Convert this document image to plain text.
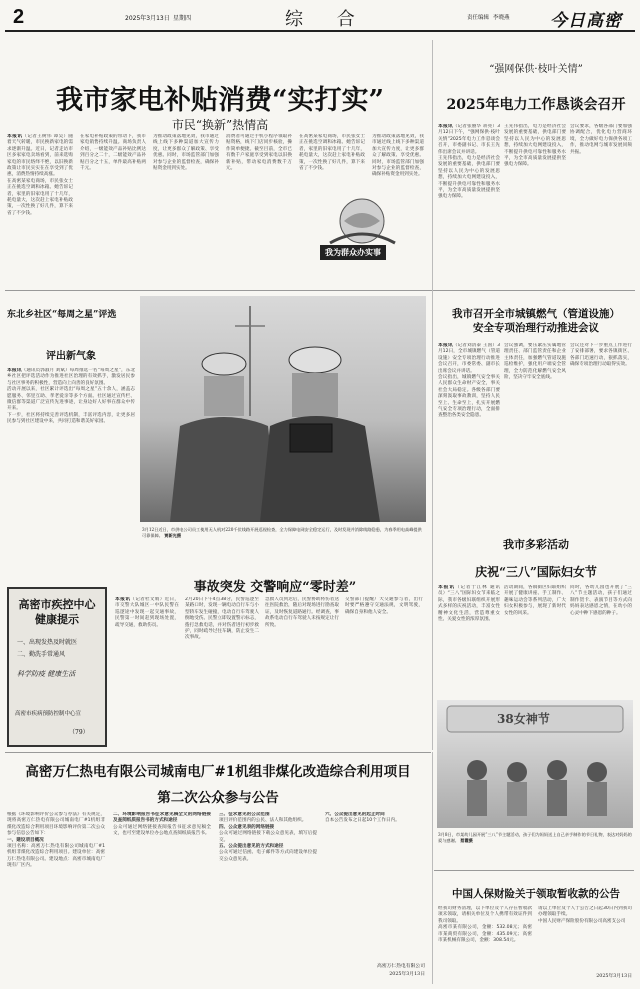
2	2025年3月13日 星期四	综 合	责任编辑 李晓燕 今日高密
我市家电补贴消费“实打实”
市民“换新”热情高
本报讯（记者王树伟 谭昊）随着天气转暖，市民换新家电的需求逐渐升温。近日，记者走访市区多家家电卖场看到，前来选购家电的市民络绎不绝，以旧换新政策让市民实实在在享受到了优惠，消费热情持续高涨。
在高密某家电商场，市民张女士正在挑选空调和冰箱。她告诉记者，家里的旧家电用了十几年，耗电量大，这次赶上家电补贴政策，一次性换了好几件，算下来省了不少钱。
在家电补贴政策的带动下，我市家电销售持续升温。商场负责人介绍，一级能效产品补贴比例达到百分之二十，二级能效产品补贴百分之十五，单件最高补贴两千元。
为推动政策落地见效，我市通过线上线下多种渠道加大宣传力度，让更多群众了解政策、享受优惠。同时，市场监管部门加强对参与企业的监督检查，确保补贴资金用到实处。
消费者可通过手机小程序领取补贴资格，线下门店同步核验，操作简单便捷。截至目前，全市已有数千户家庭享受到家电以旧换新补贴，带动家电消费数千万元。
在高密某家电商场，市民张女士正在挑选空调和冰箱。她告诉记者，家里的旧家电用了十几年，耗电量大，这次赶上家电补贴政策，一次性换了好几件，算下来省了不少钱。
为推动政策落地见效，我市通过线上线下多种渠道加大宣传力度，让更多群众了解政策、享受优惠。同时，市场监管部门加强对参与企业的监督检查，确保补贴资金用到实处。
我为群众办实事
“强网保供·枝叶关情”
2025年电力工作恳谈会召开
本报讯（记者张丽华 蒋亮）3月12日下午，“强网保供·枝叶关情”2025年电力工作恳谈会召开，市委副书记、市长王先伟出席会议并讲话。
王先伟指出，电力是经济社会发展的重要基础，供电部门要坚持以人民为中心的发展思想，持续加大电网建设投入，不断提升供电可靠性和服务水平，为全市高质量发展提供坚强电力保障。
王先伟指出，电力是经济社会发展的重要基础，供电部门要坚持以人民为中心的发展思想，持续加大电网建设投入，不断提升供电可靠性和服务水平，为全市高质量发展提供坚强电力保障。
会议要求，各级各部门要加强协调配合，优化电力营商环境，全力做好电力保供各项工作，推动电网与城市发展同频共振。
东北乡社区“每周之星”评选
评出新气象
本报讯（通讯员郭淑月 刘斌）每周推选一名“每周之星”，东北乡社区把评选活动作为推进社区治理的有效抓手，激发居民参与社区事务的积极性，营造向上向善的良好氛围。
活动开展以来，社区累计评选出“每周之星”五十余人，涵盖志愿服务、邻里互助、孝老爱亲等多个方面。社区通过宣传栏、微信群等渠道广泛宣传先进事迹，让身边好人好事在群众中传开来。
下一步，社区将持续完善评选机制，丰富评选内容，让更多居民参与到社区建设中来，共同打造和谐美好家园。
3月12日近日，市供电公司员工使用无人机对220千伏线路开展巡视检查，全力保障电网安全稳定运行，及时发现并消除线路隐患，为春季用电高峰提供可靠保障。 贾新光摄
事故突发 交警响应“零时差”
本报讯（记者杜文娟）近日，市交警大队城区一中队民警在巡逻途中发现一起交通事故，民警第一时间赶到现场处置，疏导交通，救助伤员。
2月20日下午4点38分，民警巡逻至某路口时，发现一辆电动自行车与小型轿车发生碰撞，电动自行车驾驶人倒地受伤。民警立即设置警示标志，拨打急救电话，并对伤者进行初步救护，同时疏导过往车辆，防止发生二次事故。
急救人员到达后，民警协助将伤者送往医院救治，随后对现场进行勘查取证，及时恢复道路通行。经调查，事故系电动自行车驾驶人未按规定让行所致。
交警部门提醒广大交通参与者，出行时要严格遵守交通法规，文明驾驶，确保自身和他人安全。
高密市疾控中心 健康提示
一、出现发热及时就医
二、勤洗手常通风
科学防疫 健康生活
高密市疾病预防控制中心宣
（79）
我市召开全市城镇燃气（管道设施）
安全专项治理行动推进会议
本报讯（记者刘清泰 王国）3月12日，全市城镇燃气（管道设施）安全专项治理行动推进会议召开，市委常委、副市长出席会议并讲话。
会议指出，城镇燃气安全事关人民群众生命财产安全，事关社会大局稳定。各级各部门要深刻汲取事故教训，坚持人民至上、生命至上，扎实开展燃气安全专项治理行动，全面排查整治各类安全隐患。
会议强调，要压紧压实属地管理责任、部门监管责任和企业主体责任，加强燃气管道设施巡检维护，强化用户端安全管理，全力防范化解燃气安全风险，坚决守牢安全底线。
会议还对下一步重点工作进行了安排部署，要求各镇街区、各部门迅速行动，狠抓落实，确保专项治理行动取得实效。
我市多彩活动
庆祝“三八”国际妇女节
本报讯（记者于江林 通讯员）“三八”国际妇女节来临之际，我市各级妇联组织开展形式多样的庆祝活动，丰富女性精神文化生活，营造尊重女性、关爱女性的浓厚氛围。
活动期间，各镇街区妇联组织开展了健康讲座、手工制作、趣味运动会等系列活动，广大妇女积极参与，展现了新时代女性的风采。
同时，各幼儿园也开展了“三八”节主题活动，孩子们通过制作贺卡、表演节目等方式向妈妈表达感恩之情，在幼小的心灵中种下感恩的种子。
38女神节
3月8日，市某幼儿园开展“三八”节主题活动，孩子们为妈妈送上自己亲手制作的节日礼物，表达对妈妈的爱与感谢。 蔡霞摄
高密万仁热电有限公司城南电厂#1机组非煤化改造综合利用项目
第二次公众参与公告
根据《环境影响评价公众参与办法》有关规定，现将高密万仁热电有限公司城南电厂#1机组非煤化改造综合利用项目环境影响评价第二次公众参与信息公告如下：
一、建设项目概况
项目名称：高密万仁热电有限公司城南电厂#1机组非煤化改造综合利用项目。建设单位：高密万仁热电有限公司。建设地点：高密市城南电厂现有厂区内。
二、环境影响报告书征求意见稿全文的网络链接及查阅纸质报告书的方式和途径
公众可通过网络链接查阅报告书征求意见稿全文，也可至建设单位办公地点查阅纸质报告书。
三、征求意见的公众范围
项目评价范围内的公民、法人和其他组织。
四、公众意见表的网络链接
公众可通过网络链接下载公众意见表，填写后提交。
五、公众提出意见的方式和途径
公众可通过信函、电子邮件等方式向建设单位提交公众意见表。
六、公众提出意见的起止时间
自本公告发布之日起10个工作日内。
高密万仁热电有限公司
2025年3月13日
中国人保财险关于领取暂收款的公告
经我司财务清理，以下单位及个人存在暂收款项未领取，请相关单位及个人携带有效证件到我司领取。
高密市某有限公司，金额：532.08元；高密市某商贸有限公司，金额：435.09元；高密市某机械有限公司，金额：308.54元。
请以上单位及个人于公告之日起30日内到我司办理领取手续。
中国人民财产保险股份有限公司高密支公司
2025年3月13日
